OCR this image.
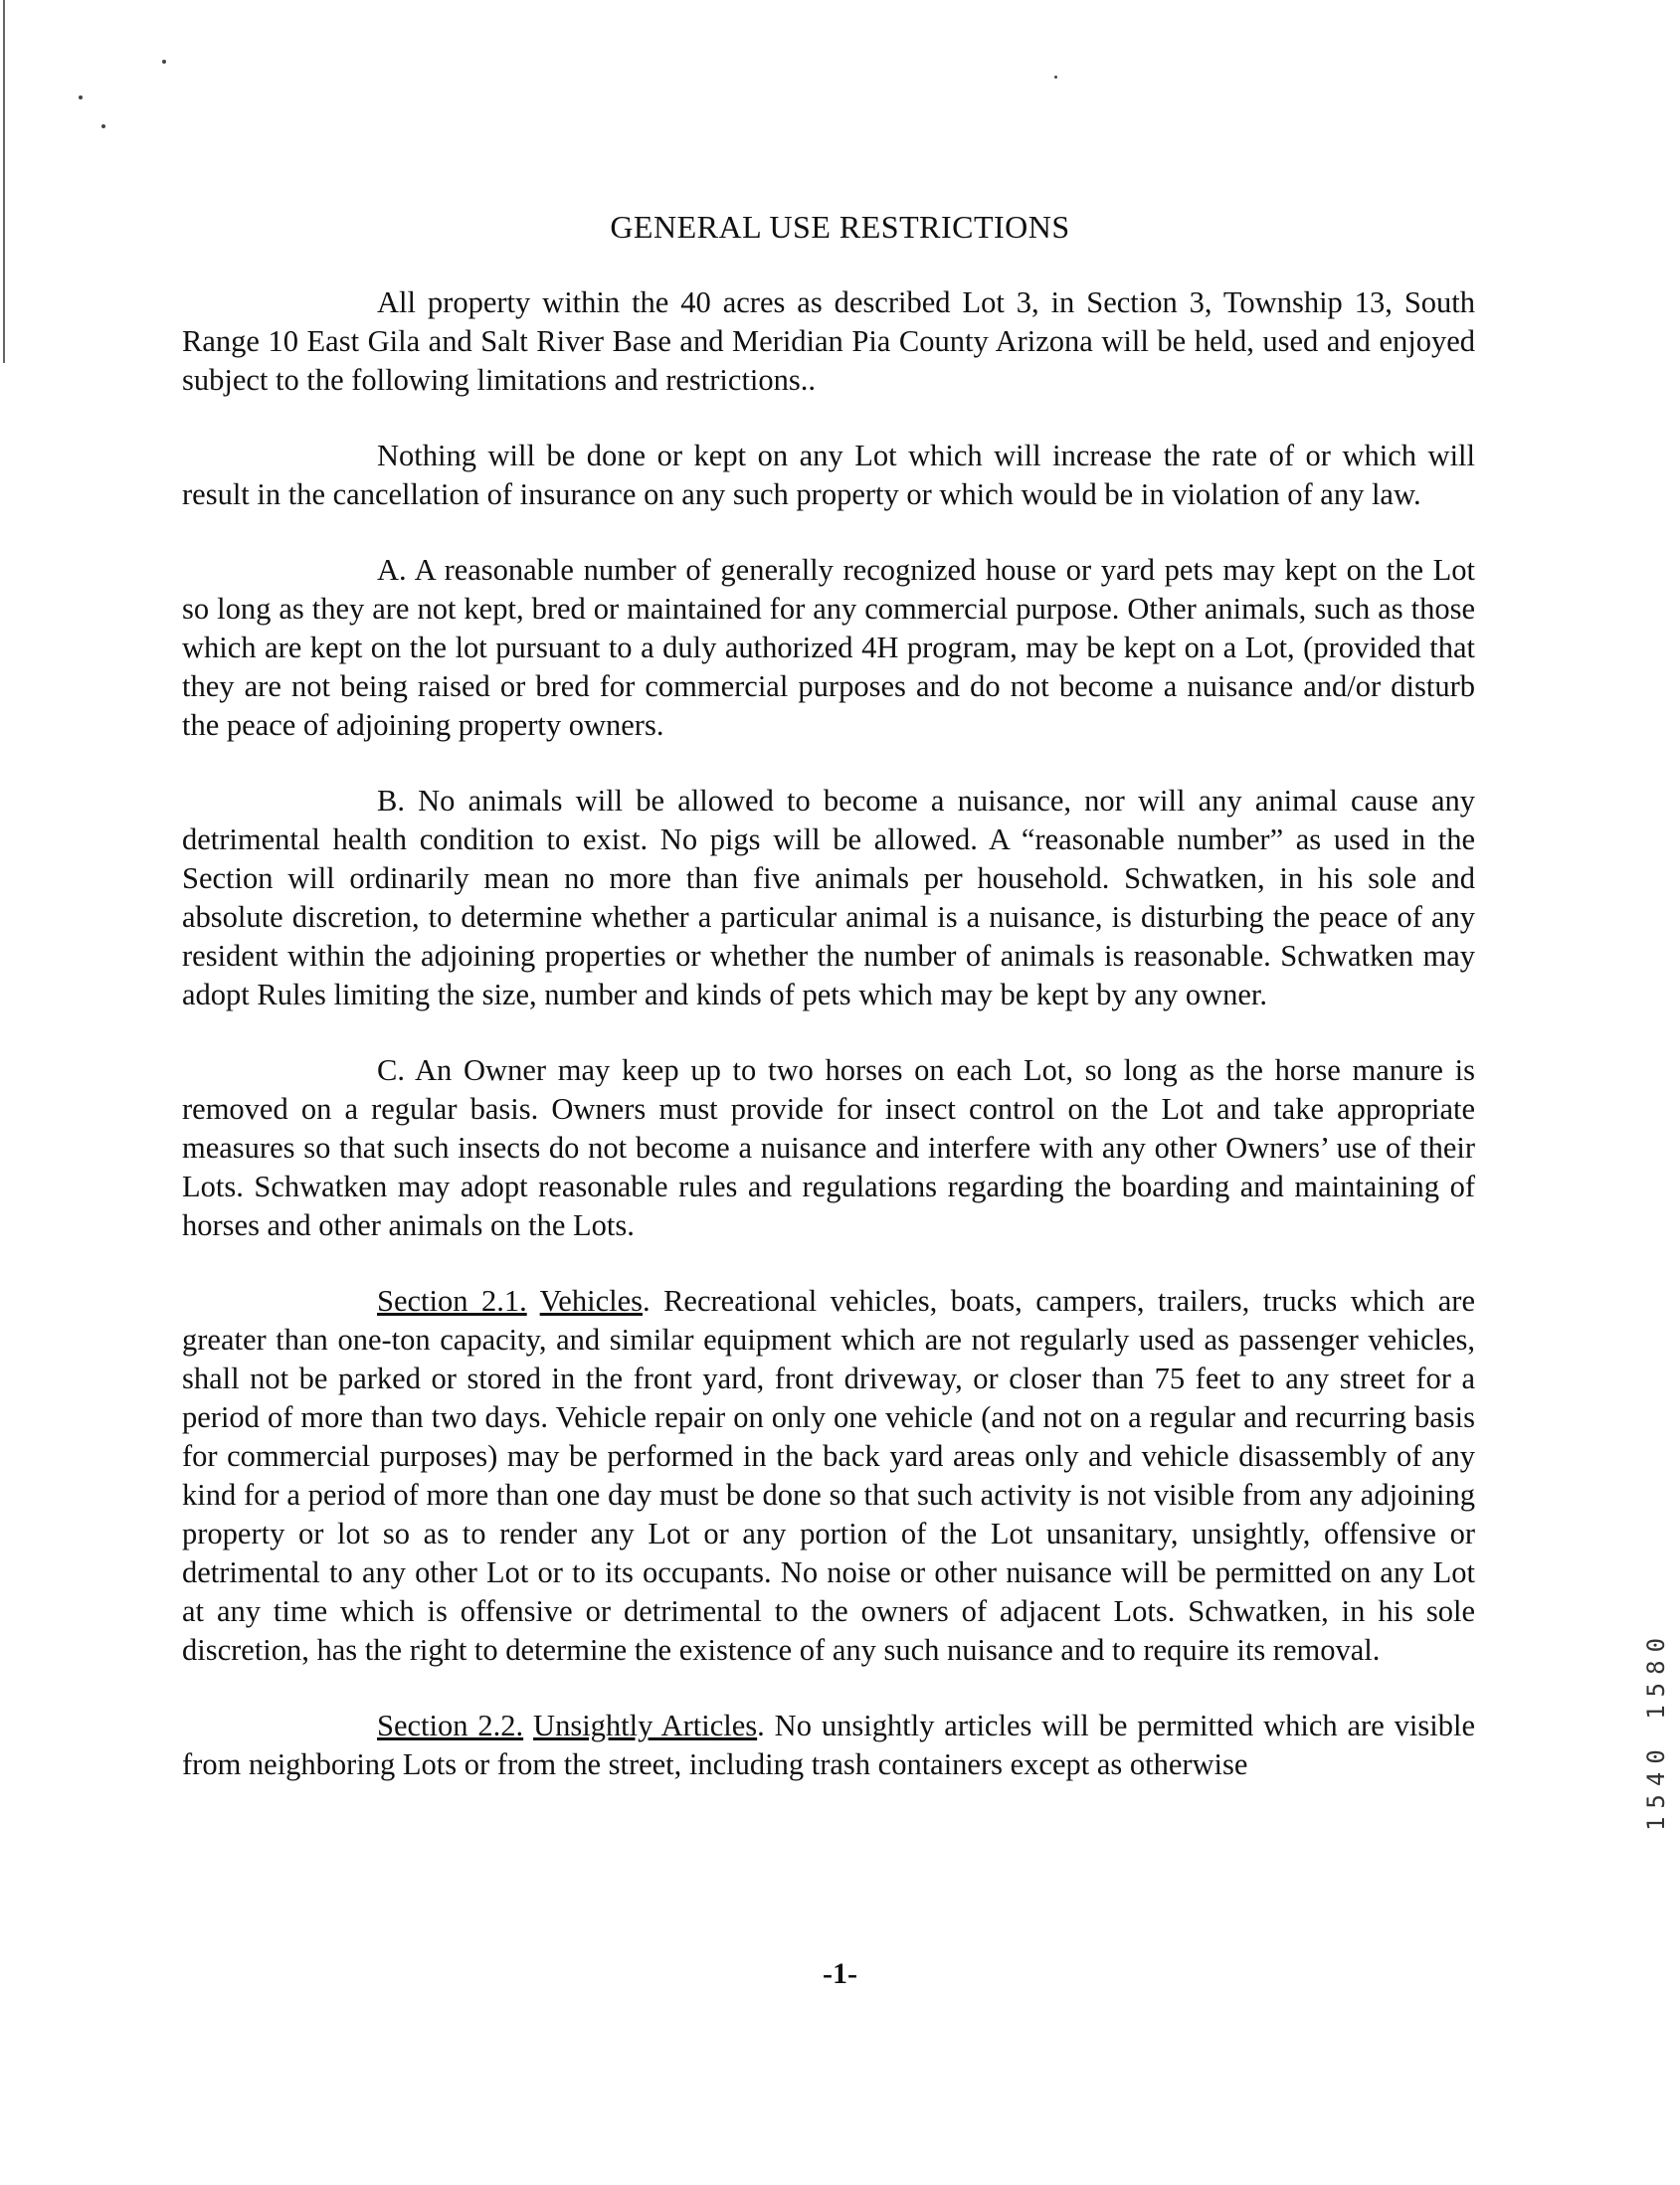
GENERAL USE RESTRICTIONS

All property within the 40 acres as described Lot 3, in Section 3, Township 13, South Range 10 East Gila and Salt River Base and Meridian Pia County Arizona will be held, used and enjoyed subject to the following limitations and restrictions..

Nothing will be done or kept on any Lot which will increase the rate of or which will result in the cancellation of insurance on any such property or which would be in violation of any law.

A. A reasonable number of generally recognized house or yard pets may kept on the Lot so long as they are not kept, bred or maintained for any commercial purpose. Other animals, such as those which are kept on the lot pursuant to a duly authorized 4H program, may be kept on a Lot, (provided that they are not being raised or bred for commercial purposes and do not become a nuisance and/or disturb the peace of adjoining property owners.

B. No animals will be allowed to become a nuisance, nor will any animal cause any detrimental health condition to exist. No pigs will be allowed. A “reasonable number” as used in the Section will ordinarily mean no more than five animals per household. Schwatken, in his sole and absolute discretion, to determine whether a particular animal is a nuisance, is disturbing the peace of any resident within the adjoining properties or whether the number of animals is reasonable. Schwatken may adopt Rules limiting the size, number and kinds of pets which may be kept by any owner.

C. An Owner may keep up to two horses on each Lot, so long as the horse manure is removed on a regular basis. Owners must provide for insect control on the Lot and take appropriate measures so that such insects do not become a nuisance and interfere with any other Owners’ use of their Lots. Schwatken may adopt reasonable rules and regulations regarding the boarding and maintaining of horses and other animals on the Lots.

Section 2.1. Vehicles. Recreational vehicles, boats, campers, trailers, trucks which are greater than one-ton capacity, and similar equipment which are not regularly used as passenger vehicles, shall not be parked or stored in the front yard, front driveway, or closer than 75 feet to any street for a period of more than two days. Vehicle repair on only one vehicle (and not on a regular and recurring basis for commercial purposes) may be performed in the back yard areas only and vehicle disassembly of any kind for a period of more than one day must be done so that such activity is not visible from any adjoining property or lot so as to render any Lot or any portion of the Lot unsanitary, unsightly, offensive or detrimental to any other Lot or to its occupants. No noise or other nuisance will be permitted on any Lot at any time which is offensive or detrimental to the owners of adjacent Lots. Schwatken, in his sole discretion, has the right to determine the existence of any such nuisance and to require its removal.

Section 2.2. Unsightly Articles. No unsightly articles will be permitted which are visible from neighboring Lots or from the street, including trash containers except as otherwise

-1-
1540 1580
